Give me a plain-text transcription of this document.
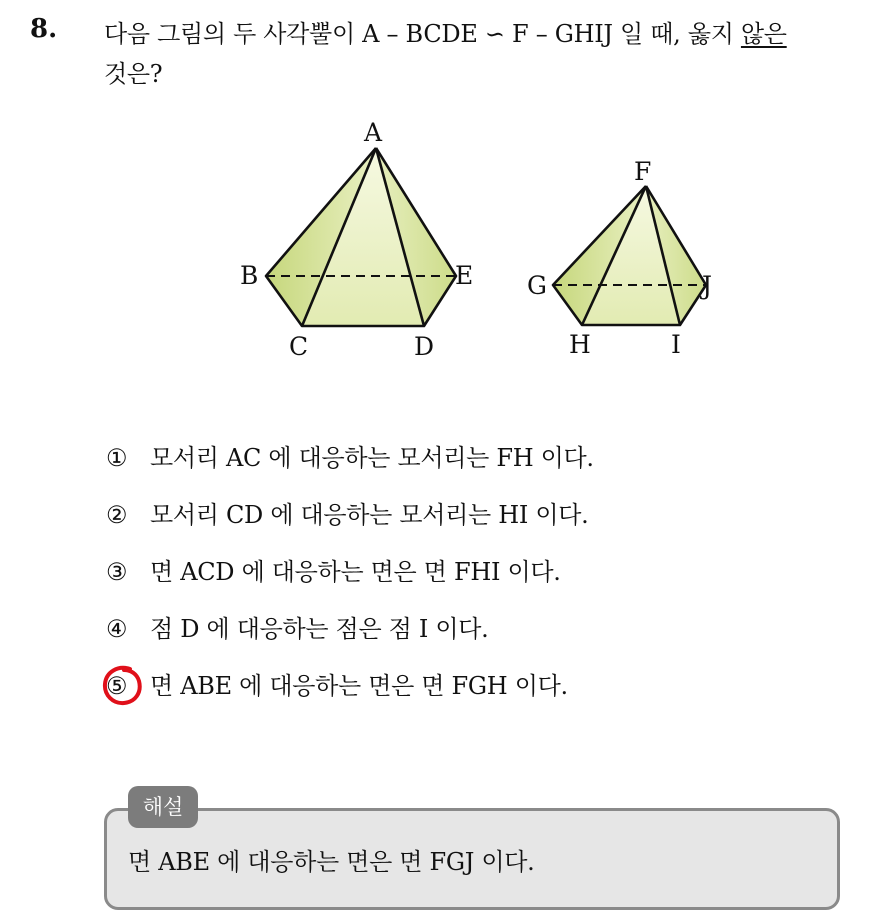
8. 다음 그림의 두 사각뿔이 A – BCDE ∽ F – GHIJ 일 때, 옳지 않은
것은?
A
B
C	D
E
F
G
H	I
J
① 모서리 AC 에 대응하는 모서리는 FH 이다.
② 모서리 CD 에 대응하는 모서리는 HI 이다.
③ 면 ACD 에 대응하는 면은 면 FHI 이다.
④ 점 D 에 대응하는 점은 점 I 이다.
⑤ 면 ABE 에 대응하는 면은 면 FGH 이다.
해설
면 ABE 에 대응하는 면은 면 FGJ 이다.
